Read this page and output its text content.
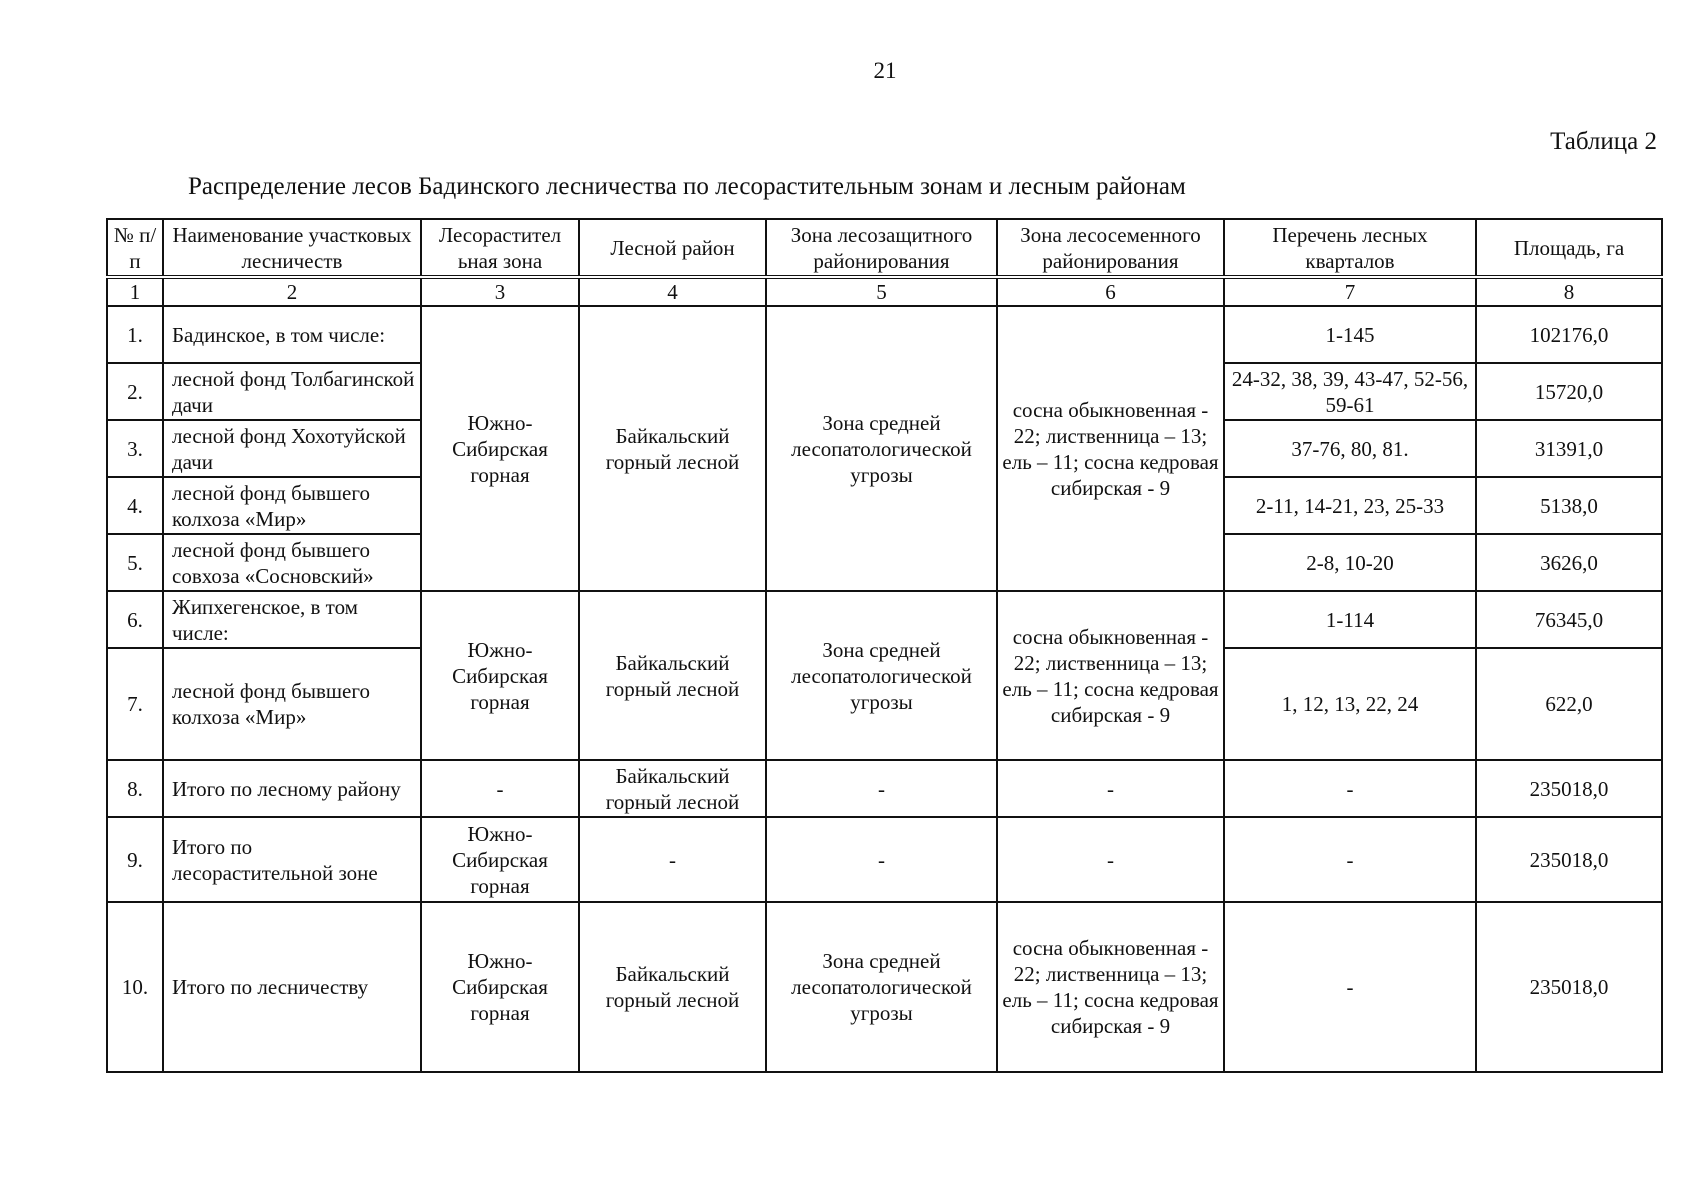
21
Таблица 2
Распределение лесов Бадинского лесничества по лесорастительным зонам и лесным районам
№ п/п	Наименование участковых лесничеств	Лесорастител ьная зона	Лесной район	Зона лесозащитного районирования	Зона лесосеменного районирования	Перечень лесных кварталов	Площадь, га
1	2	3	4	5	6	7	8
1.	Бадинское, в том числе:	Южно-Сибирская горная	Байкальский горный лесной	Зона средней лесопатологической угрозы	сосна обыкновенная - 22; лиственница – 13; ель – 11; сосна кедровая сибирская - 9	1-145	102176,0
2.	лесной фонд Толбагинской дачи					24-32, 38, 39, 43-47, 52-56, 59-61	15720,0
3.	лесной фонд Хохотуйской дачи					37-76, 80, 81.	31391,0
4.	лесной фонд бывшего колхоза «Мир»					2-11, 14-21, 23, 25-33	5138,0
5.	лесной фонд бывшего совхоза «Сосновский»					2-8, 10-20	3626,0
6.	Жипхегенское, в том числе:	Южно-Сибирская горная	Байкальский горный лесной	Зона средней лесопатологической угрозы	сосна обыкновенная - 22; лиственница – 13; ель – 11; сосна кедровая сибирская - 9	1-114	76345,0
7.	лесной фонд бывшего колхоза «Мир»					1, 12, 13, 22, 24	622,0
8.	Итого по лесному району	-	Байкальский горный лесной	-	-	-	235018,0
9.	Итого по лесорастительной зоне	Южно-Сибирская горная	-	-	-	-	235018,0
10.	Итого по лесничеству	Южно-Сибирская горная	Байкальский горный лесной	Зона средней лесопатологической угрозы	сосна обыкновенная - 22; лиственница – 13; ель – 11; сосна кедровая сибирская - 9	-	235018,0
